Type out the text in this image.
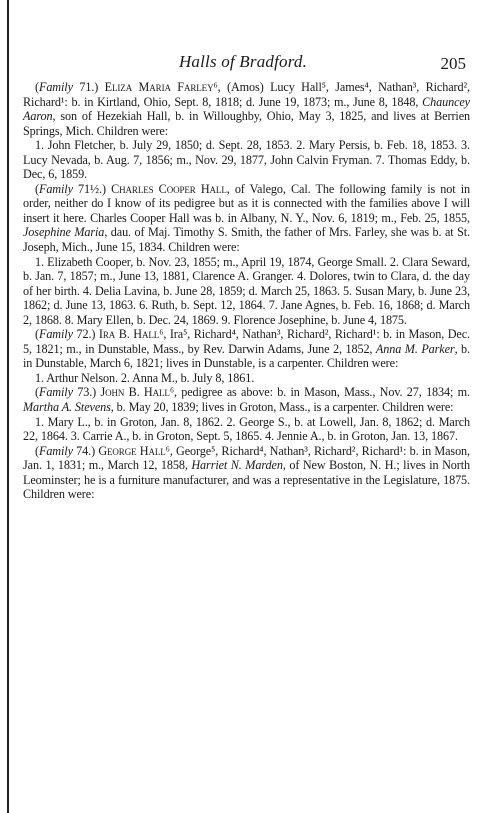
Halls of Bradford.	205

(Family 71.) Eliza Maria Farley⁶, (Amos) Lucy Hall⁵, James⁴, Nathan³, Richard², Richard¹: b. in Kirtland, Ohio, Sept. 8, 1818; d. June 19, 1873; m., June 8, 1848, Chauncey Aaron, son of Hezekiah Hall, b. in Willoughby, Ohio, May 3, 1825, and lives at Berrien Springs, Mich. Children were:

1. John Fletcher, b. July 29, 1850; d. Sept. 28, 1853. 2. Mary Persis, b. Feb. 18, 1853. 3. Lucy Nevada, b. Aug. 7, 1856; m., Nov. 29, 1877, John Calvin Fryman. 7. Thomas Eddy, b. Dec, 6, 1859.

(Family 71½.) Charles Cooper Hall, of Valego, Cal. The following family is not in order, neither do I know of its pedigree but as it is connected with the families above I will insert it here. Charles Cooper Hall was b. in Albany, N. Y., Nov. 6, 1819; m., Feb. 25, 1855, Josephine Maria, dau. of Maj. Timothy S. Smith, the father of Mrs. Farley, she was b. at St. Joseph, Mich., June 15, 1834. Children were:

1. Elizabeth Cooper, b. Nov. 23, 1855; m., April 19, 1874, George Small. 2. Clara Seward, b. Jan. 7, 1857; m., June 13, 1881, Clarence A. Granger. 4. Dolores, twin to Clara, d. the day of her birth. 4. Delia Lavina, b. June 28, 1859; d. March 25, 1863. 5. Susan Mary, b. June 23, 1862; d. June 13, 1863. 6. Ruth, b. Sept. 12, 1864. 7. Jane Agnes, b. Feb. 16, 1868; d. March 2, 1868. 8. Mary Ellen, b. Dec. 24, 1869. 9. Florence Josephine, b. June 4, 1875.

(Family 72.) Ira B. Hall⁶, Ira⁵, Richard⁴, Nathan³, Richard², Richard¹: b. in Mason, Dec. 5, 1821; m., in Dunstable, Mass., by Rev. Darwin Adams, June 2, 1852, Anna M. Parker, b. in Dunstable, March 6, 1821; lives in Dunstable, is a carpenter. Children were:

1. Arthur Nelson. 2. Anna M., b. July 8, 1861.

(Family 73.) John B. Hall⁶, pedigree as above: b. in Mason, Mass., Nov. 27, 1834; m. Martha A. Stevens, b. May 20, 1839; lives in Groton, Mass., is a carpenter. Children were:

1. Mary L., b. in Groton, Jan. 8, 1862. 2. George S., b. at Lowell, Jan. 8, 1862; d. March 22, 1864. 3. Carrie A., b. in Groton, Sept. 5, 1865. 4. Jennie A., b. in Groton, Jan. 13, 1867.

(Family 74.) George Hall⁶, George⁵, Richard⁴, Nathan³, Richard², Richard¹: b. in Mason, Jan. 1, 1831; m., March 12, 1858, Harriet N. Marden, of New Boston, N. H.; lives in North Leominster; he is a furniture manufacturer, and was a representative in the Legislature, 1875. Children were:
